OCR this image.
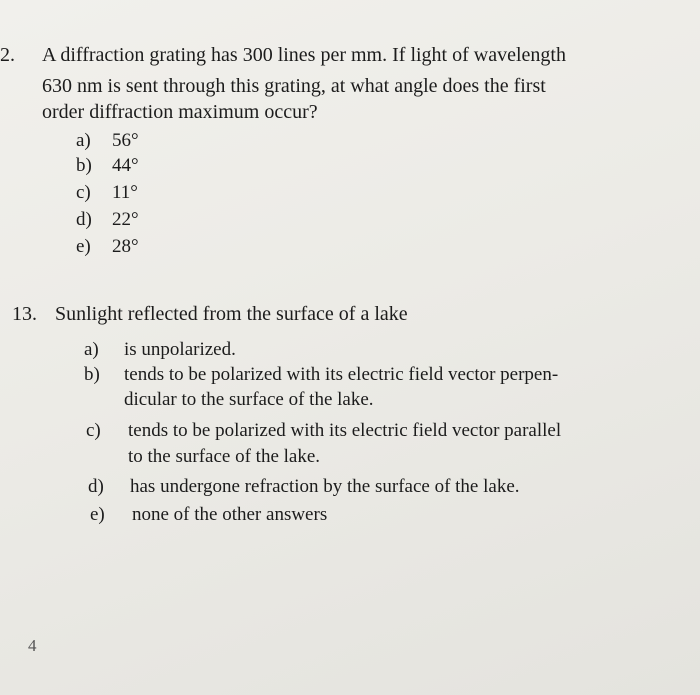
2. A diffraction grating has 300 lines per mm. If light of wavelength
630 nm is sent through this grating, at what angle does the first
order diffraction maximum occur?
a) 56°
b) 44°
c) 11°
d) 22°
e) 28°
13. Sunlight reflected from the surface of a lake
a) is unpolarized.
b) tends to be polarized with its electric field vector perpen-
dicular to the surface of the lake.
c) tends to be polarized with its electric field vector parallel
to the surface of the lake.
d) has undergone refraction by the surface of the lake.
e) none of the other answers
4
